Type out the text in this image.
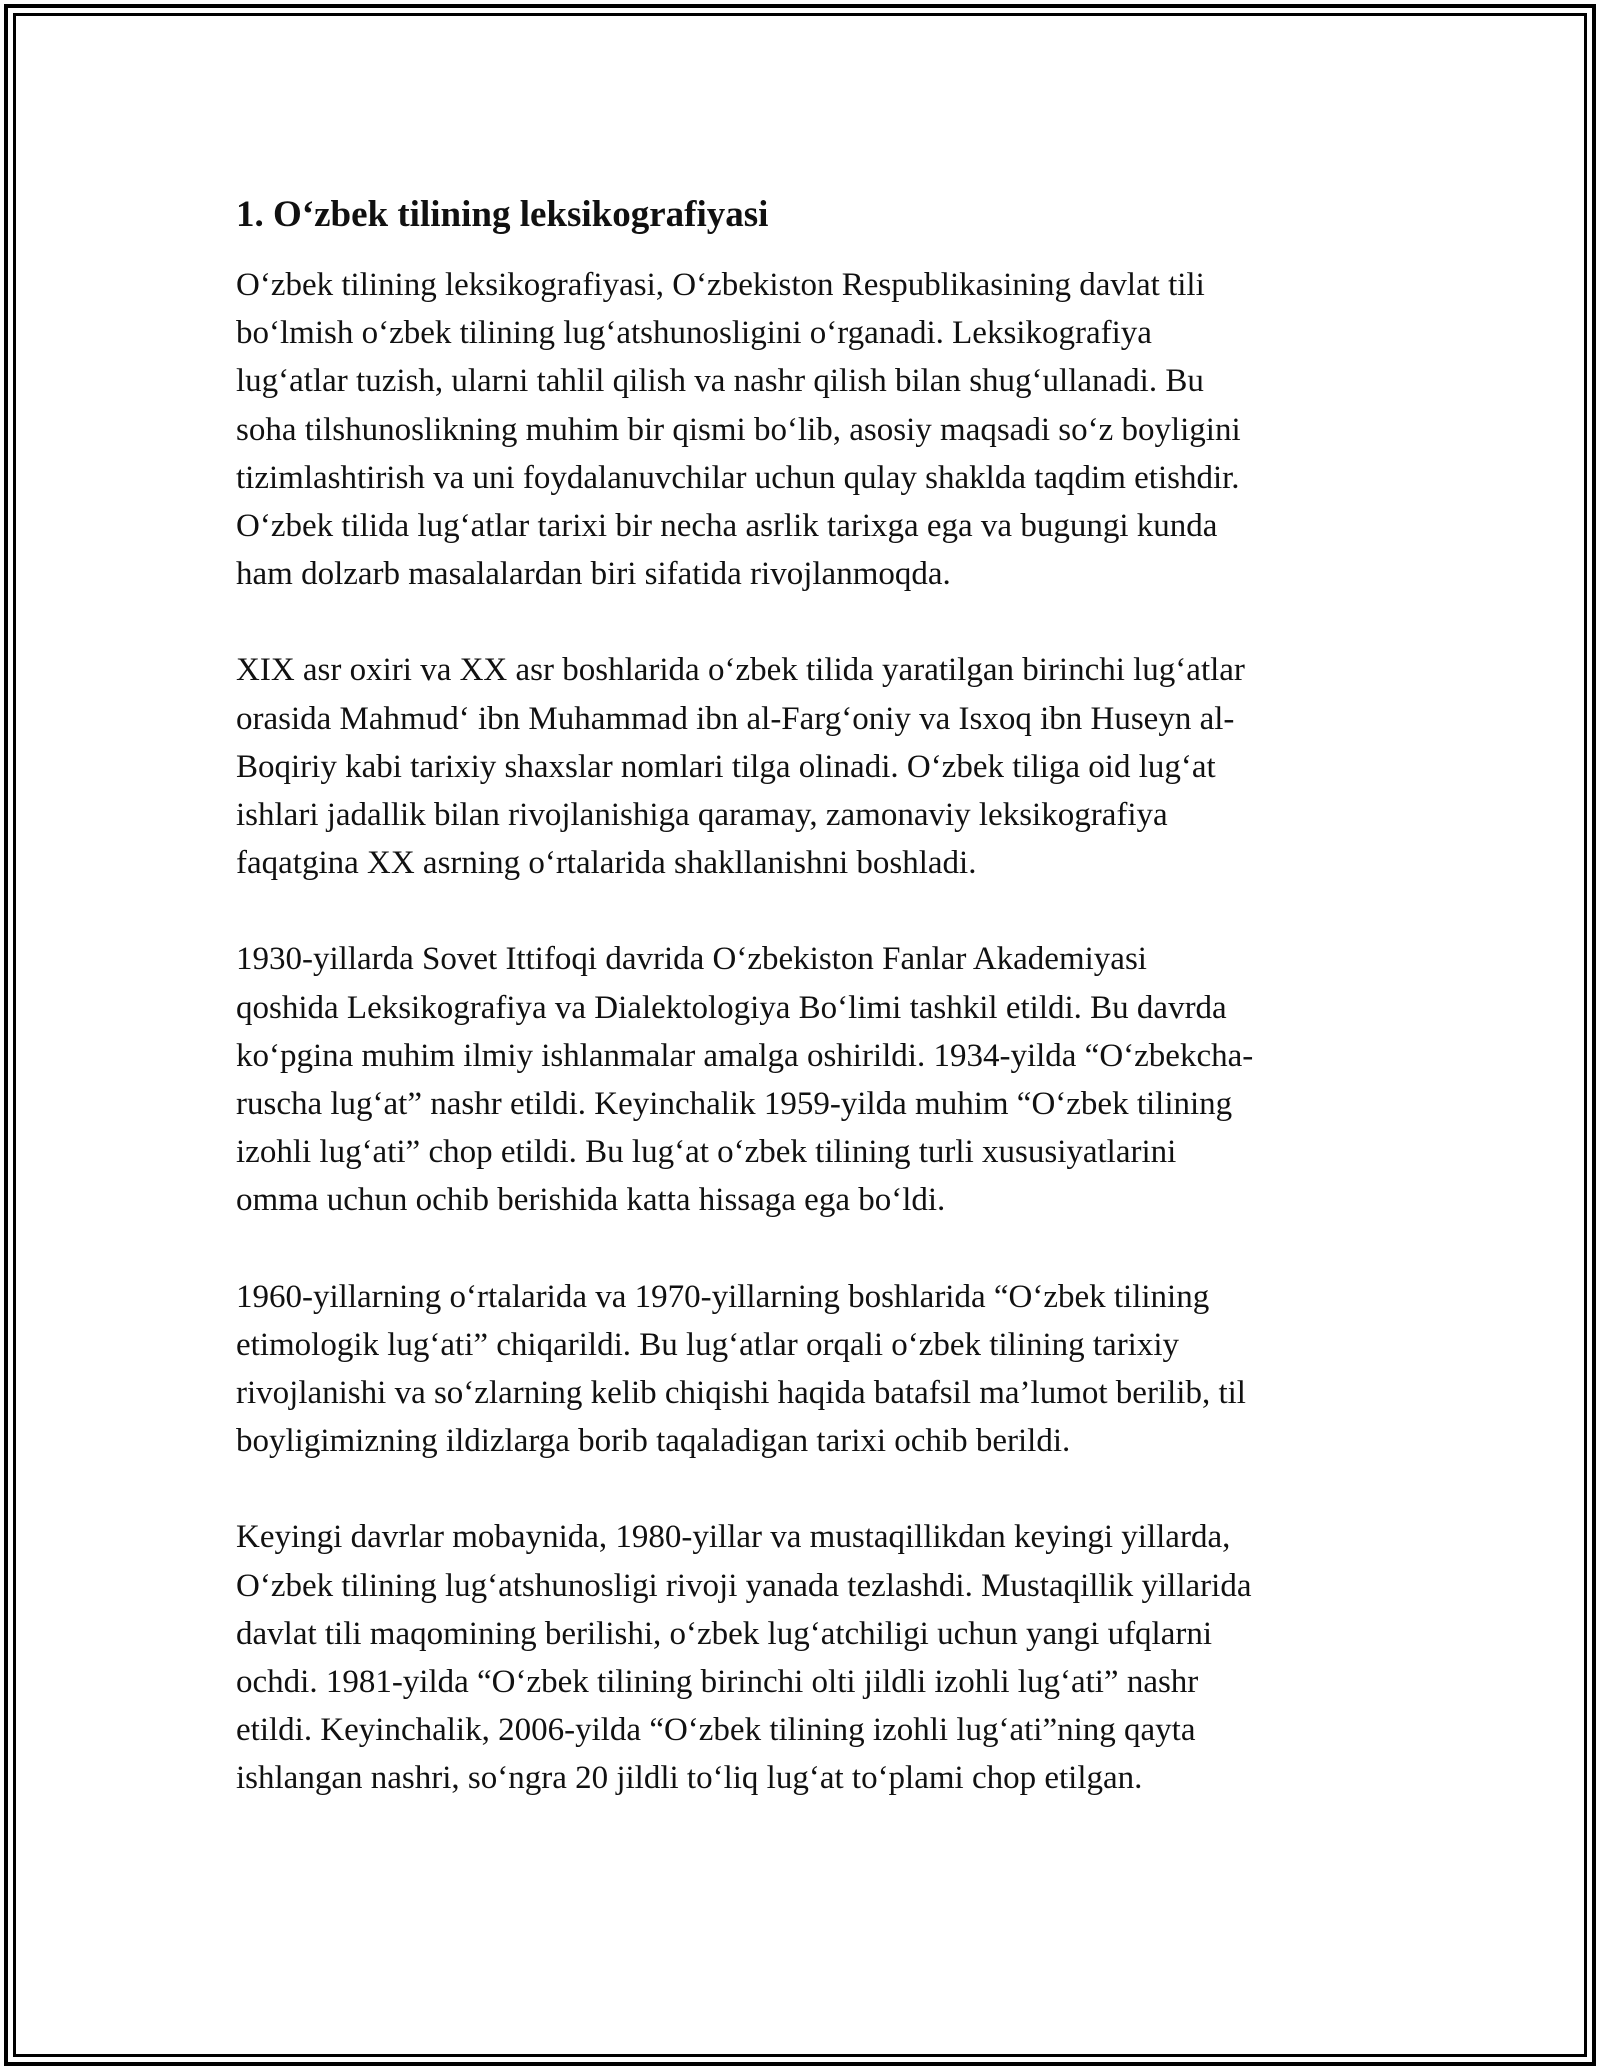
1. O‘zbek tilining leksikografiyasi
O‘zbek tilining leksikografiyasi, O‘zbekiston Respublikasining davlat tili
bo‘lmish o‘zbek tilining lug‘atshunosligini o‘rganadi. Leksikografiya
lug‘atlar tuzish, ularni tahlil qilish va nashr qilish bilan shug‘ullanadi. Bu
soha tilshunoslikning muhim bir qismi bo‘lib, asosiy maqsadi so‘z boyligini
tizimlashtirish va uni foydalanuvchilar uchun qulay shaklda taqdim etishdir.
O‘zbek tilida lug‘atlar tarixi bir necha asrlik tarixga ega va bugungi kunda
ham dolzarb masalalardan biri sifatida rivojlanmoqda.
XIX asr oxiri va XX asr boshlarida o‘zbek tilida yaratilgan birinchi lug‘atlar
orasida Mahmud‘ ibn Muhammad ibn al-Farg‘oniy va Isxoq ibn Huseyn al-
Boqiriy kabi tarixiy shaxslar nomlari tilga olinadi. O‘zbek tiliga oid lug‘at
ishlari jadallik bilan rivojlanishiga qaramay, zamonaviy leksikografiya
faqatgina XX asrning o‘rtalarida shakllanishni boshladi.
1930-yillarda Sovet Ittifoqi davrida O‘zbekiston Fanlar Akademiyasi
qoshida Leksikografiya va Dialektologiya Bo‘limi tashkil etildi. Bu davrda
ko‘pgina muhim ilmiy ishlanmalar amalga oshirildi. 1934-yilda “O‘zbekcha-
ruscha lug‘at” nashr etildi. Keyinchalik 1959-yilda muhim “O‘zbek tilining
izohli lug‘ati” chop etildi. Bu lug‘at o‘zbek tilining turli xususiyatlarini
omma uchun ochib berishida katta hissaga ega bo‘ldi.
1960-yillarning o‘rtalarida va 1970-yillarning boshlarida “O‘zbek tilining
etimologik lug‘ati” chiqarildi. Bu lug‘atlar orqali o‘zbek tilining tarixiy
rivojlanishi va so‘zlarning kelib chiqishi haqida batafsil ma’lumot berilib, til
boyligimizning ildizlarga borib taqaladigan tarixi ochib berildi.
Keyingi davrlar mobaynida, 1980-yillar va mustaqillikdan keyingi yillarda,
O‘zbek tilining lug‘atshunosligi rivoji yanada tezlashdi. Mustaqillik yillarida
davlat tili maqomining berilishi, o‘zbek lug‘atchiligi uchun yangi ufqlarni
ochdi. 1981-yilda “O‘zbek tilining birinchi olti jildli izohli lug‘ati” nashr
etildi. Keyinchalik, 2006-yilda “O‘zbek tilining izohli lug‘ati”ning qayta
ishlangan nashri, so‘ngra 20 jildli to‘liq lug‘at to‘plami chop etilgan.
